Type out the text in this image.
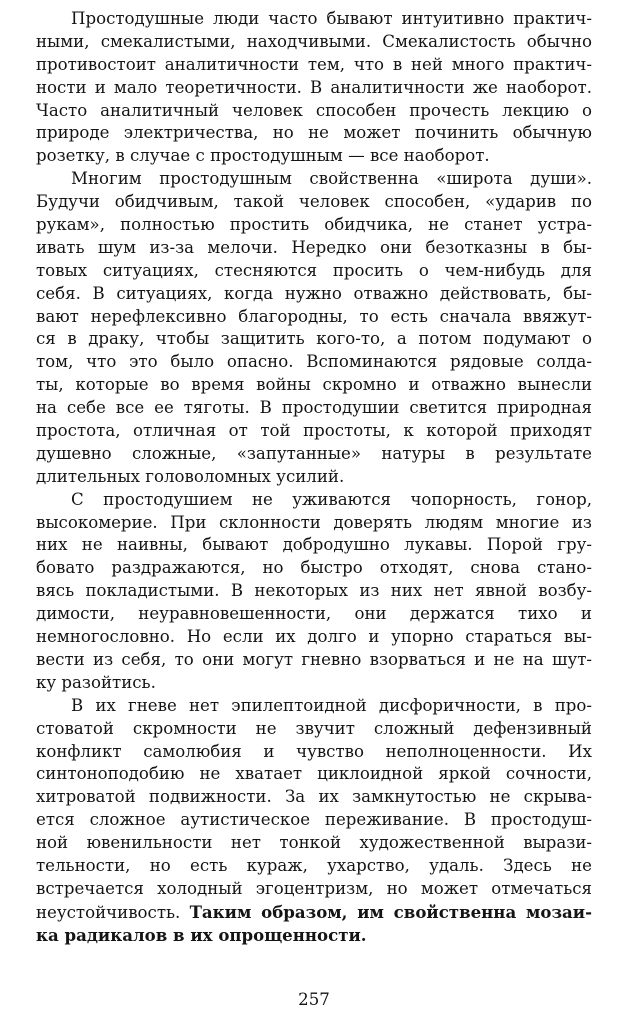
Простодушные люди часто бывают интуитивно практич-
ными, смекалистыми, находчивыми. Смекалистость обычно
противостоит аналитичности тем, что в ней много практич-
ности и мало теоретичности. В аналитичности же наоборот.
Часто аналитичный человек способен прочесть лекцию о
природе электричества, но не может починить обычную
розетку, в случае с простодушным — все наоборот.
Многим простодушным свойственна «широта души».
Будучи обидчивым, такой человек способен, «ударив по
рукам», полностью простить обидчика, не станет устра-
ивать шум из-за мелочи. Нередко они безотказны в бы-
товых ситуациях, стесняются просить о чем-нибудь для
себя. В ситуациях, когда нужно отважно действовать, бы-
вают нерефлексивно благородны, то есть сначала ввяжут-
ся в драку, чтобы защитить кого-то, а потом подумают о
том, что это было опасно. Вспоминаются рядовые солда-
ты, которые во время войны скромно и отважно вынесли
на себе все ее тяготы. В простодушии светится природная
простота, отличная от той простоты, к которой приходят
душевно сложные, «запутанные» натуры в результате
длительных головоломных усилий.
С простодушием не уживаются чопорность, гонор,
высокомерие. При склонности доверять людям многие из
них не наивны, бывают добродушно лукавы. Порой гру-
бовато раздражаются, но быстро отходят, снова стано-
вясь покладистыми. В некоторых из них нет явной возбу-
димости, неуравновешенности, они держатся тихо и
немногословно. Но если их долго и упорно стараться вы-
вести из себя, то они могут гневно взорваться и не на шут-
ку разойтись.
В их гневе нет эпилептоидной дисфоричности, в про-
стоватой скромности не звучит сложный дефензивный
конфликт самолюбия и чувство неполноценности. Их
синтоноподобию не хватает циклоидной яркой сочности,
хитроватой подвижности. За их замкнутостью не скрыва-
ется сложное аутистическое переживание. В простодуш-
ной ювенильности нет тонкой художественной вырази-
тельности, но есть кураж, ухарство, удаль. Здесь не
встречается холодный эгоцентризм, но может отмечаться
неустойчивость. Таким образом, им свойственна мозаи-
ка радикалов в их опрощенности.
257
